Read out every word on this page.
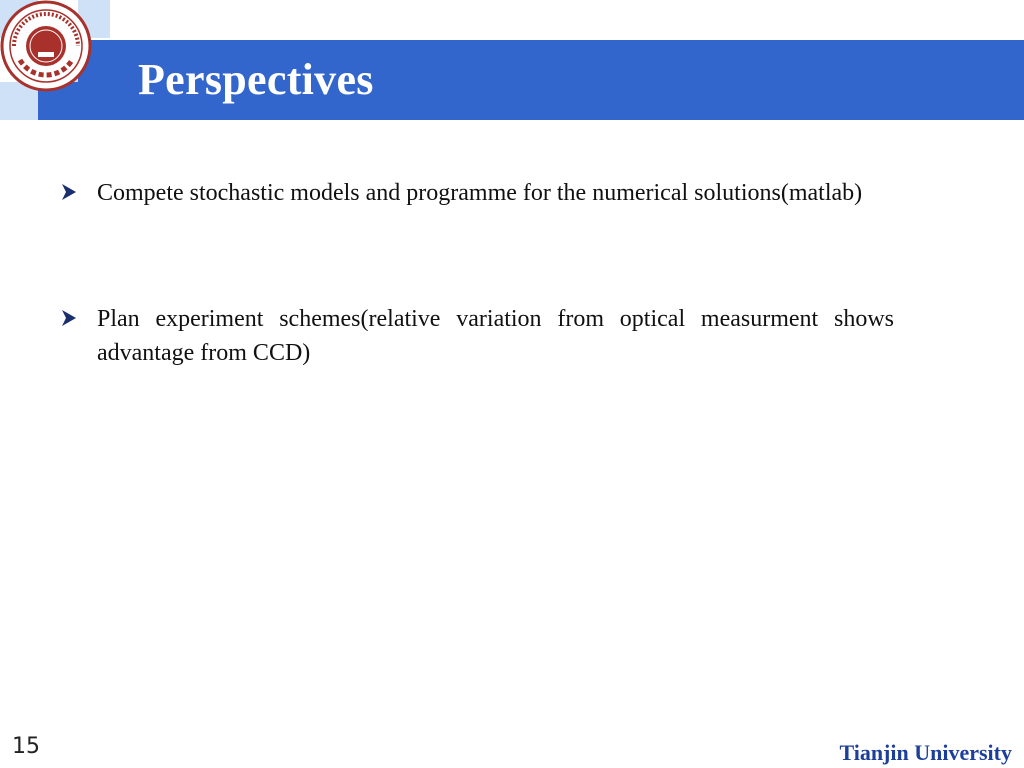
Perspectives
Compete stochastic models and programme for the numerical solutions(matlab)
Plan experiment schemes(relative variation from optical measurment shows advantage from CCD)
15	Tianjin University
